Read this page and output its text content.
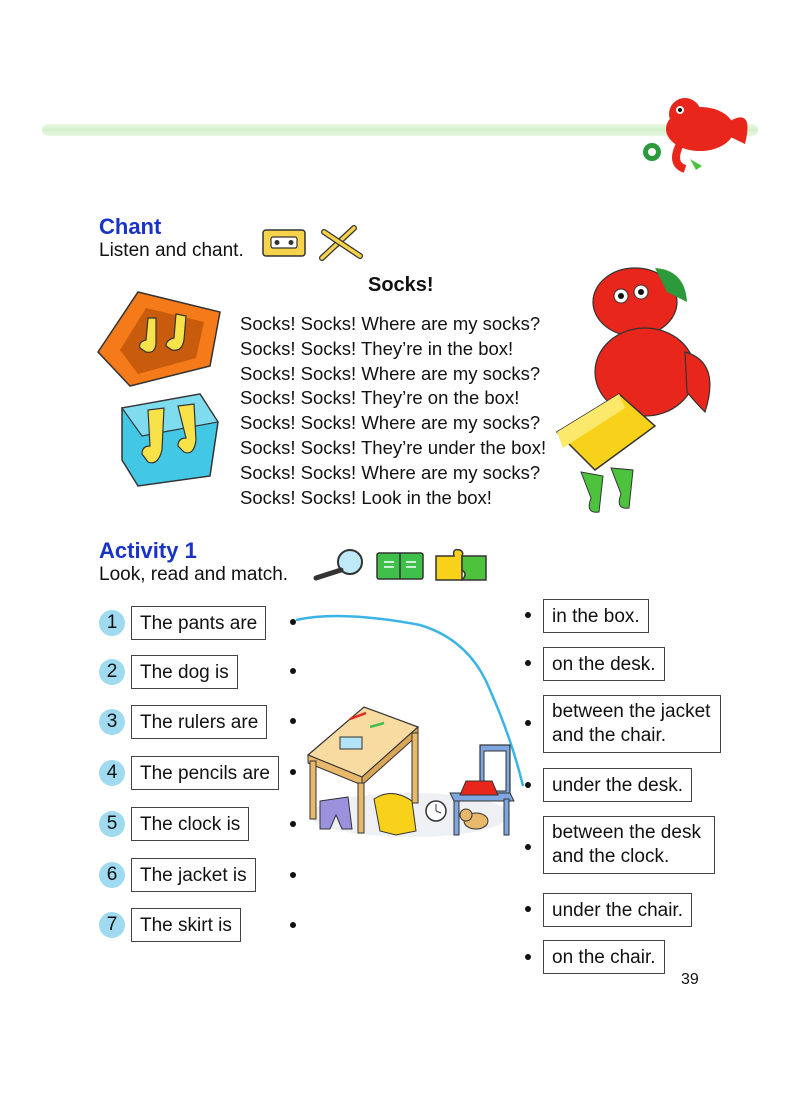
Chant
Listen and chant.
Socks!
Socks! Socks! Where are my socks?
Socks! Socks! They’re in the box!
Socks! Socks! Where are my socks?
Socks! Socks! They’re on the box!
Socks! Socks! Where are my socks?
Socks! Socks! They’re under the box!
Socks! Socks! Where are my socks?
Socks! Socks! Look in the box!
Activity 1
Look, read and match.
1	The pants are
2	The dog is
3	The rulers are
4	The pencils are
5	The clock is
6	The jacket is
7	The skirt is
in the box.
on the desk.
between the jacket and the chair.
under the desk.
between the desk and the clock.
under the chair.
on the chair.
39
